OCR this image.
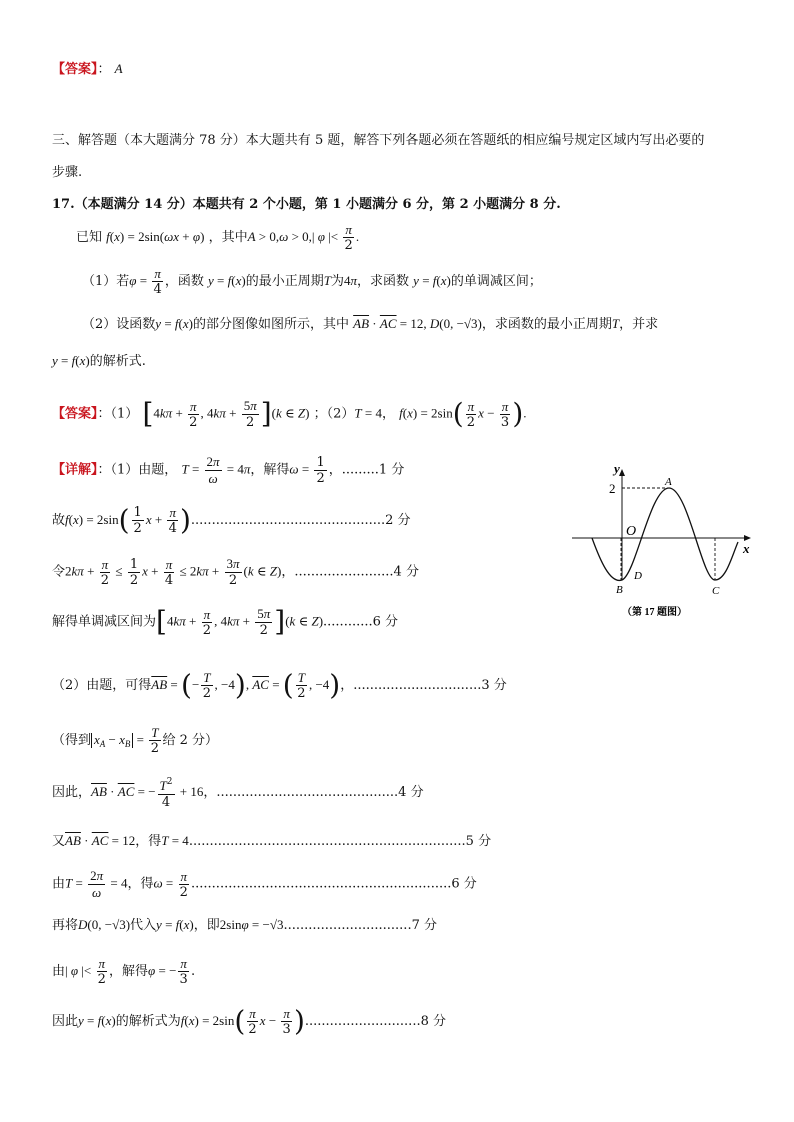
【答案】： A
三、解答题（本大题满分 78 分）本大题共有 5 题，解答下列各题必须在答题纸的相应编号规定区域内写出必要的
步骤.
17.（本题满分 14 分）本题共有 2 个小题，第 1 小题满分 6 分，第 2 小题满分 8 分.
已知 f(x) = 2sin(ωx + φ) ，其中A > 0,ω > 0,| φ |< $\frac{\pi}{2}$ .
（1）若$\varphi = \frac{\pi}{4}$ ，函数 y = f(x)的最小正周期T为4π，求函数 y = f(x)的单调减区间；
（2）设函数y = f(x)的部分图像如图所示，其中 $\overline{AB} \cdot \overline{AC} = 12$, D(0, −√3)，求函数的最小正周期T，并求
y = f(x)的解析式.
【答案】：（1） [$4k\pi + \frac{\pi}{2}$ , $4k\pi + \frac{5\pi}{2} ](k$ ∈ Z) ；（2）T = 4， $f(x) = 2\sin( \frac{\pi}{2}$ $x - \frac{\pi}{3}$ ).
【详解】：（1）由题， $T = \frac{2\pi}{\omega} = 4\pi$，解得$\omega = \frac{1}{2}$ ，.........1 分
故$f(x) = 2\sin( \frac{1}{2}$ $x + \frac{\pi}{4} )...............................................2$ 分
令$2k\pi + \frac{\pi}{2} \le \frac{1}{2}$ $x + \frac{\pi}{4} \le 2k\pi + \frac{3\pi}{2} (k$ ∈ Z)，........................4 分
解得单调减区间为[$4k\pi + \frac{\pi}{2}$ , $4k\pi + \frac{5\pi}{2} ](k$ ∈ Z)............6 分
（2）由题，可得$\overline{AB}$ = (− $\frac{T}{2}$ , −4), $\overline{AC}$ = ( $\frac{T}{2}$ , −4)，...............................3 分
（得到 $x_A - x_B = \frac{T}{2}$ 给 2 分）
因此，$\overline{AB} \cdot \overline{AC}$ = − $\frac{T^2}{4} + 16$，............................................4 分
又$\overline{AB} \cdot \overline{AC} = 12$，得T = 4...................................................................5 分
由$T = \frac{2\pi}{\omega} = 4$，得$\omega = \frac{\pi}{2} ...............................................................6$ 分
再将D(0, −√3)代入y = f(x)，即2sinφ = −√3...............................7 分
由| φ |< $\frac{\pi}{2}$ ，解得φ = − $\frac{\pi}{3}$ .
因此y = f(x)的解析式为$f(x) = 2\sin( \frac{\pi}{2}$ $x - \frac{\pi}{3} )............................8$ 分
y
x
2	A
O
D
B	C
（第 17 题图）
